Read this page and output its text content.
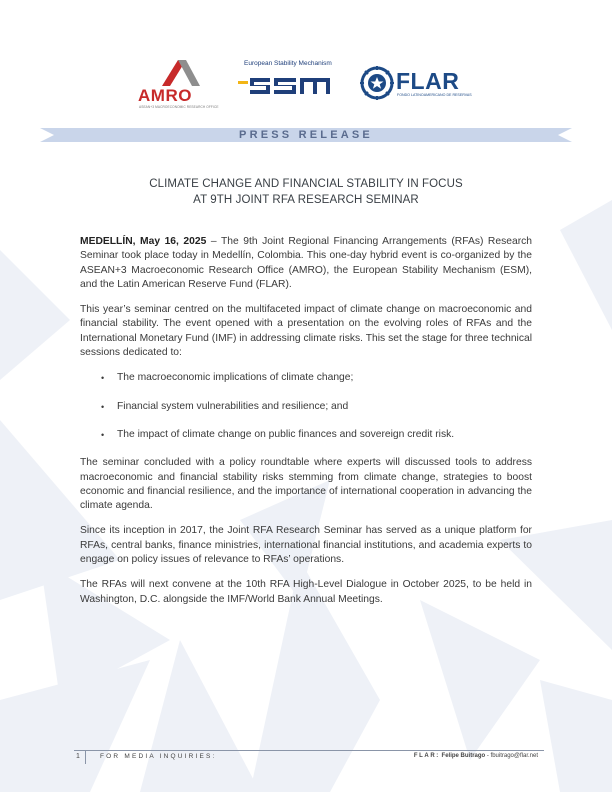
AMRO
ASEAN+3 MACROECONOMIC RESEARCH OFFICE
European Stability Mechanism
FLAR
FONDO LATINOAMERICANO DE RESERVAS
PRESS RELEASE
CLIMATE CHANGE AND FINANCIAL STABILITY IN FOCUS
AT 9TH JOINT RFA RESEARCH SEMINAR

MEDELLÍN, May 16, 2025 – The 9th Joint Regional Financing Arrangements (RFAs) Research Seminar took place today in Medellín, Colombia. This one-day hybrid event is co-organized by the ASEAN+3 Macroeconomic Research Office (AMRO), the European Stability Mechanism (ESM), and the Latin American Reserve Fund (FLAR).

This year’s seminar centred on the multifaceted impact of climate change on macroeconomic and financial stability. The event opened with a presentation on the evolving roles of RFAs and the International Monetary Fund (IMF) in addressing climate risks. This set the stage for three technical sessions dedicated to:

• The macroeconomic implications of climate change;
• Financial system vulnerabilities and resilience; and
• The impact of climate change on public finances and sovereign credit risk.

The seminar concluded with a policy roundtable where experts will discussed tools to address macroeconomic and financial stability risks stemming from climate change, strategies to boost economic and financial resilience, and the importance of international cooperation in advancing the climate agenda.

Since its inception in 2017, the Joint RFA Research Seminar has served as a unique platform for RFAs, central banks, finance ministries, international financial institutions, and academia experts to engage on policy issues of relevance to RFAs’ operations.

The RFAs will next convene at the 10th RFA High-Level Dialogue in October 2025, to be held in Washington, D.C. alongside the IMF/World Bank Annual Meetings.

1	FOR MEDIA INQUIRIES:	FLAR: Felipe Buitrago - fbuitrago@flar.net
